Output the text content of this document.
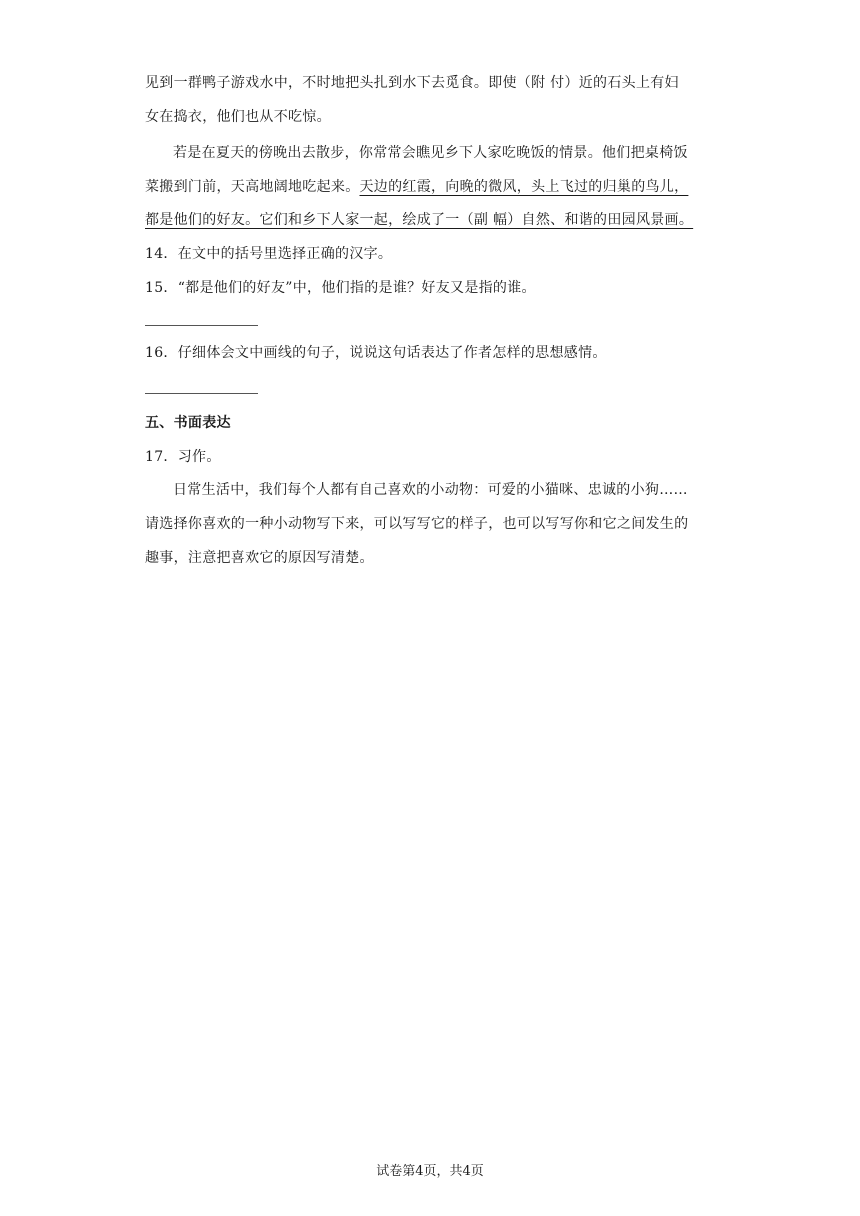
见到一群鸭子游戏水中，不时地把头扎到水下去觅食。即使（附 付）近的石头上有妇
女在捣衣，他们也从不吃惊。
若是在夏天的傍晚出去散步，你常常会瞧见乡下人家吃晚饭的情景。他们把桌椅饭
菜搬到门前，天高地阔地吃起来。天边的红霞，向晚的微风，头上飞过的归巢的鸟儿，
都是他们的好友。它们和乡下人家一起，绘成了一（副 幅）自然、和谐的田园风景画。
14．在文中的括号里选择正确的汉字。
15．“都是他们的好友”中，他们指的是谁？好友又是指的谁。
16．仔细体会文中画线的句子，说说这句话表达了作者怎样的思想感情。
五、书面表达
17．习作。
日常生活中，我们每个人都有自己喜欢的小动物：可爱的小猫咪、忠诚的小狗……
请选择你喜欢的一种小动物写下来，可以写写它的样子，也可以写写你和它之间发生的
趣事，注意把喜欢它的原因写清楚。
试卷第4页，共4页
